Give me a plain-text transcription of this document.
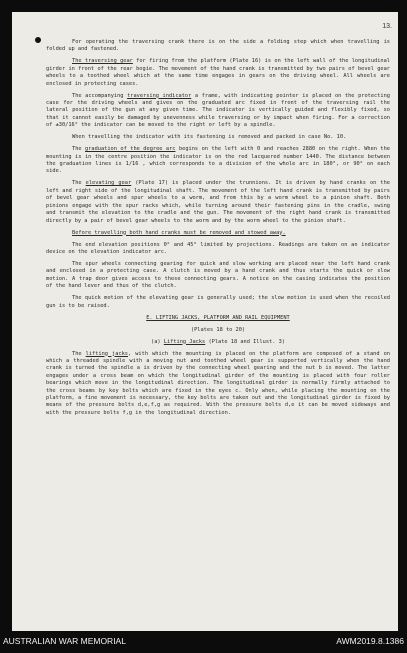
13.

For operating the traversing crank there is on the side a folding step which when travelling is folded up and fastened.

The traversing gear for firing from the platform (Plate 16) is on the left wall of the longitudinal girder in front of the rear bogie. The movement of the hand crank is transmitted by two pairs of bevel gear wheels to a toothed wheel which at the same time engages in gears on the driving wheel. All wheels are enclosed in protecting cases.

The accompanying traversing indicator a frame, with indicating pointer is placed on the protecting case for the driving wheels and gives on the graduated arc fixed in front of the traversing rail the lateral position of the gun at any given time. The indicator is vertically guided and flexibly fixed, so that it cannot easily be damaged by unevenness while traversing or by impact when firing. For a correction of ±30/16° the indicator can be moved to the right or left by a spindle.

When travelling the indicator with its fastening is removed and packed in case No. 10.

The graduation of the degree arc begins on the left with 0 and reaches 2880 on the right. When the mounting is in the centre position the indicator is on the red lacquered number 1440. The distance between the graduation lines is 1/16 , which corresponds to a division of the whole arc in 180°, or 90° on each side.

The elevating gear (Plate 17) is placed under the trunnions. It is driven by hand cranks on the left and right side of the longitudinal shaft. The movement of the left hand crank is transmitted by pairs of bevel gear wheels and spur wheels to a worm, and from this by a worm wheel to a pinion shaft. Both pinions engage with the spur racks which, while turning around their fastening pins in the cradle, swing and transmit the elevation to the cradle and the gun. The movement of the right hand crank is transmitted directly by a pair of bevel gear wheels to the worm and by the worm wheel to the pinion shaft.

Before travelling both hand cranks must be removed and stowed away.

The end elevation positions 0° and 45° limited by projections. Readings are taken on an indicator device on the elevation indicator arc.

The spur wheels connecting gearing for quick and slow working are placed near the left hand crank and enclosed in a protecting case. A clutch is moved by a hand crank and thus starts the quick or slow motion. A trap door gives access to these connecting gears. A notice on the casing indicates the position of the hand lever and thus of the clutch.

The quick motion of the elevating gear is generally used; the slow motion is used when the recoiled gun is to be raised.

E. LIFTING JACKS, PLATFORM AND RAIL EQUIPMENT

(Plates 18 to 20)

(a) Lifting Jacks (Plate 18 and Illust. 3)

The lifting jacks, with which the mounting is placed on the platform are composed of a stand on which a threaded spindle with a moving nut and toothed wheel gear is supported vertically when the hand crank is turned the spindle a is driven by the connecting wheel gearing and the nut b is moved. The latter engages under a cross beam on which the longitudinal girder of the mounting is placed with four roller bearings which move in the longitudinal direction. The longitudinal girder is normally firmly attached to the cross beams by key bolts which are fixed in the eyes c. Only when, while placing the mounting on the platform, a fine movement is necessary, the key bolts are taken out and the longitudinal girder is fixed by means of the pressure bolts d,e,f,g as required. With the pressure bolts d,e it can be moved sideways and with the pressure bolts f,g in the longitudinal direction.

AUSTRALIAN WAR MEMORIAL	AWM2019.8.1386
